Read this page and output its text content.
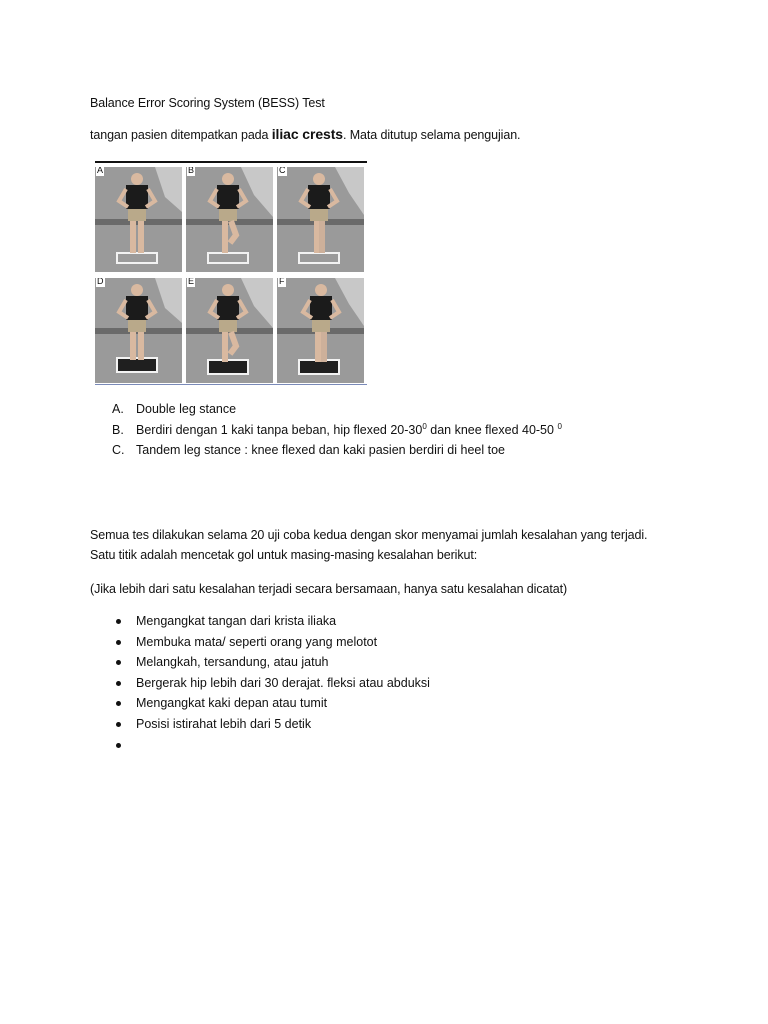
Balance Error Scoring System (BESS) Test
tangan pasien ditempatkan pada iliac crests. Mata ditutup selama pengujian.
A	B	C
D	E	F
A. Double leg stance
B. Berdiri dengan 1 kaki tanpa beban, hip flexed $20-30^0$ dan knee flexed 40-50 $^0$
C. Tandem leg stance : knee flexed dan kaki pasien berdiri di heel toe
Semua tes dilakukan selama 20 uji coba kedua dengan skor menyamai jumlah kesalahan yang terjadi.
Satu titik adalah mencetak gol untuk masing-masing kesalahan berikut:
(Jika lebih dari satu kesalahan terjadi secara bersamaan, hanya satu kesalahan dicatat)
Mengangkat tangan dari krista iliaka
Membuka mata/ seperti orang yang melotot
Melangkah, tersandung, atau jatuh
Bergerak hip lebih dari 30 derajat. fleksi atau abduksi
Mengangkat kaki depan atau tumit
Posisi istirahat lebih dari 5 detik
